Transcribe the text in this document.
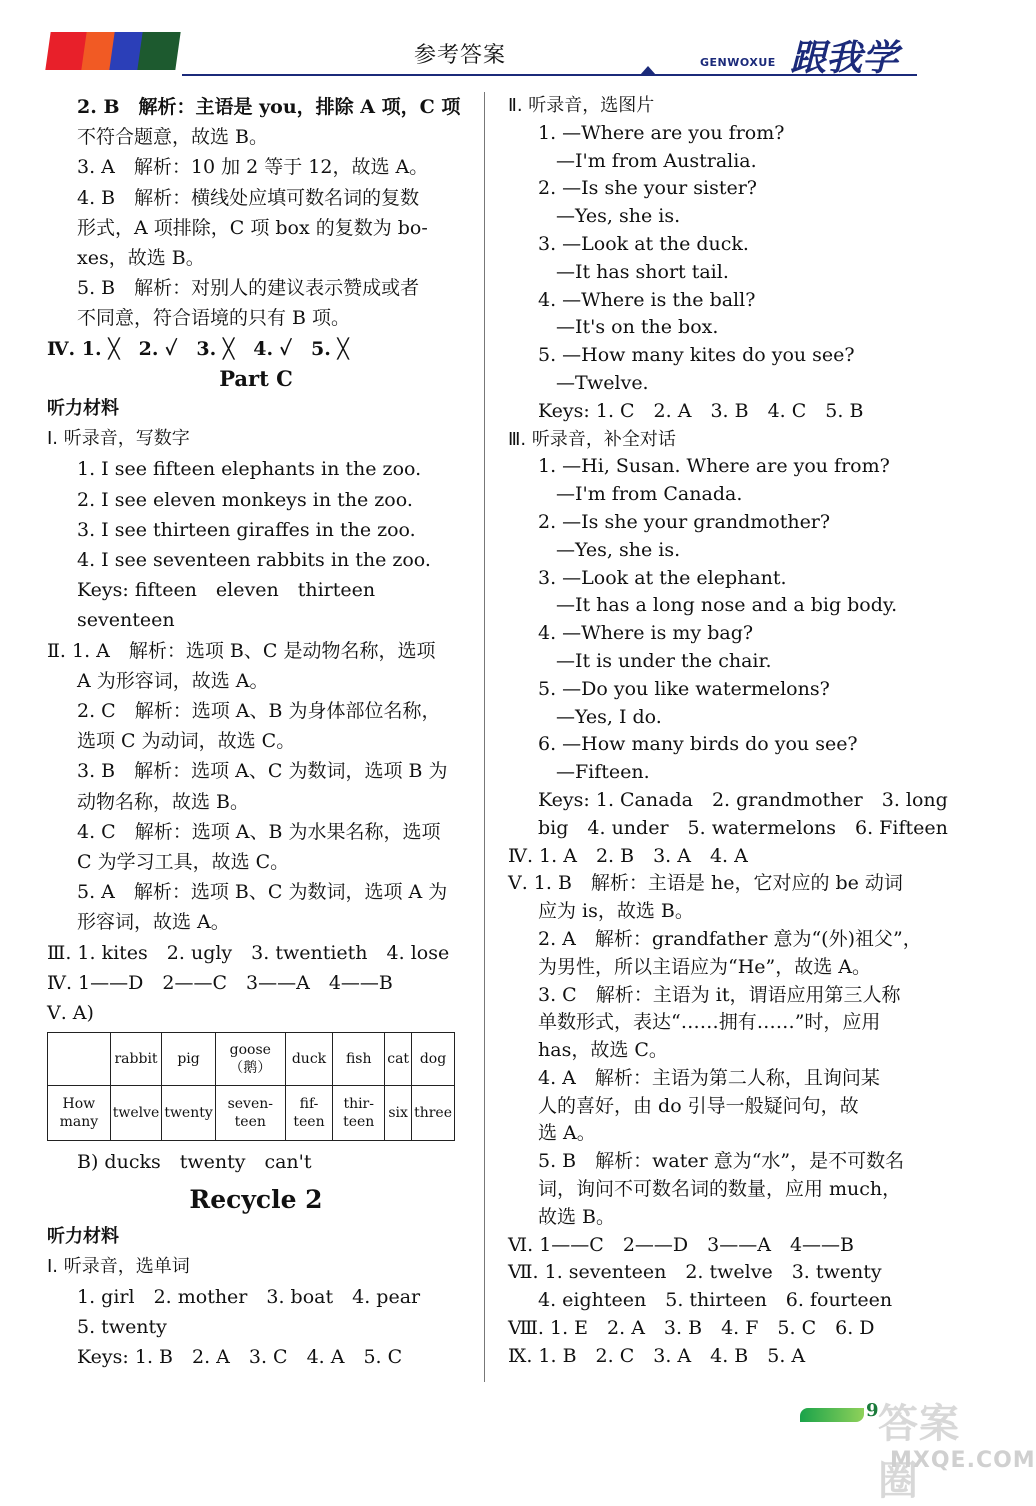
参考答案	GENWOXUE 跟我学
2. B　解析：主语是 you，排除 A 项，C 项
不符合题意，故选 B。
3. A　解析：10 加 2 等于 12，故选 A。
4. B　解析：横线处应填可数名词的复数
形式，A 项排除，C 项 box 的复数为 bo-
xes，故选 B。
5. B　解析：对别人的建议表示赞成或者
不同意，符合语境的只有 B 项。
Ⅳ. 1. ╳　2. ✓　3. ╳　4. ✓　5. ╳
Part C
听力材料
Ⅰ. 听录音，写数字
1. I see fifteen elephants in the zoo.
2. I see eleven monkeys in the zoo.
3. I see thirteen giraffes in the zoo.
4. I see seventeen rabbits in the zoo.
Keys: fifteen　eleven　thirteen
seventeen
Ⅱ. 1. A　解析：选项 B、C 是动物名称，选项
A 为形容词，故选 A。
2. C　解析：选项 A、B 为身体部位名称，
选项 C 为动词，故选 C。
3. B　解析：选项 A、C 为数词，选项 B 为
动物名称，故选 B。
4. C　解析：选项 A、B 为水果名称，选项
C 为学习工具，故选 C。
5. A　解析：选项 B、C 为数词，选项 A 为
形容词，故选 A。
Ⅲ. 1. kites　2. ugly　3. twentieth　4. lose
Ⅳ. 1——D　2——C　3——A　4——B
Ⅴ. A)
	rabbit	pig	goose（鹅）	duck	fish	cat	dog
How many	twelve	twenty	seven-teen	fif-teen	thir-teen	six	three
B) ducks　twenty　can't
Recycle 2
听力材料
Ⅰ. 听录音，选单词
1. girl　2. mother　3. boat　4. pear
5. twenty
Keys: 1. B　2. A　3. C　4. A　5. C
Ⅱ. 听录音，选图片
1. —Where are you from?
—I'm from Australia.
2. —Is she your sister?
—Yes, she is.
3. —Look at the duck.
—It has short tail.
4. —Where is the ball?
—It's on the box.
5. —How many kites do you see?
—Twelve.
Keys: 1. C　2. A　3. B　4. C　5. B
Ⅲ. 听录音，补全对话
1. —Hi, Susan. Where are you from?
—I'm from Canada.
2. —Is she your grandmother?
—Yes, she is.
3. —Look at the elephant.
—It has a long nose and a big body.
4. —Where is my bag?
—It is under the chair.
5. —Do you like watermelons?
—Yes, I do.
6. —How many birds do you see?
—Fifteen.
Keys: 1. Canada　2. grandmother　3. long
big　4. under　5. watermelons　6. Fifteen
Ⅳ. 1. A　2. B　3. A　4. A
Ⅴ. 1. B　解析：主语是 he，它对应的 be 动词
应为 is，故选 B。
2. A　解析：grandfather 意为“(外)祖父”，
为男性，所以主语应为“He”，故选 A。
3. C　解析：主语为 it，谓语应用第三人称
单数形式，表达“……拥有……”时，应用
has，故选 C。
4. A　解析：主语为第二人称，且询问某
人的喜好，由 do 引导一般疑问句，故
选 A。
5. B　解析：water 意为“水”，是不可数名
词，询问不可数名词的数量，应用 much，
故选 B。
Ⅵ. 1——C　2——D　3——A　4——B
Ⅶ. 1. seventeen　2. twelve　3. twenty
4. eighteen　5. thirteen　6. fourteen
Ⅷ. 1. E　2. A　3. B　4. F　5. C　6. D
Ⅸ. 1. B　2. C　3. A　4. B　5. A
9 答案圈
MXQE.COM
